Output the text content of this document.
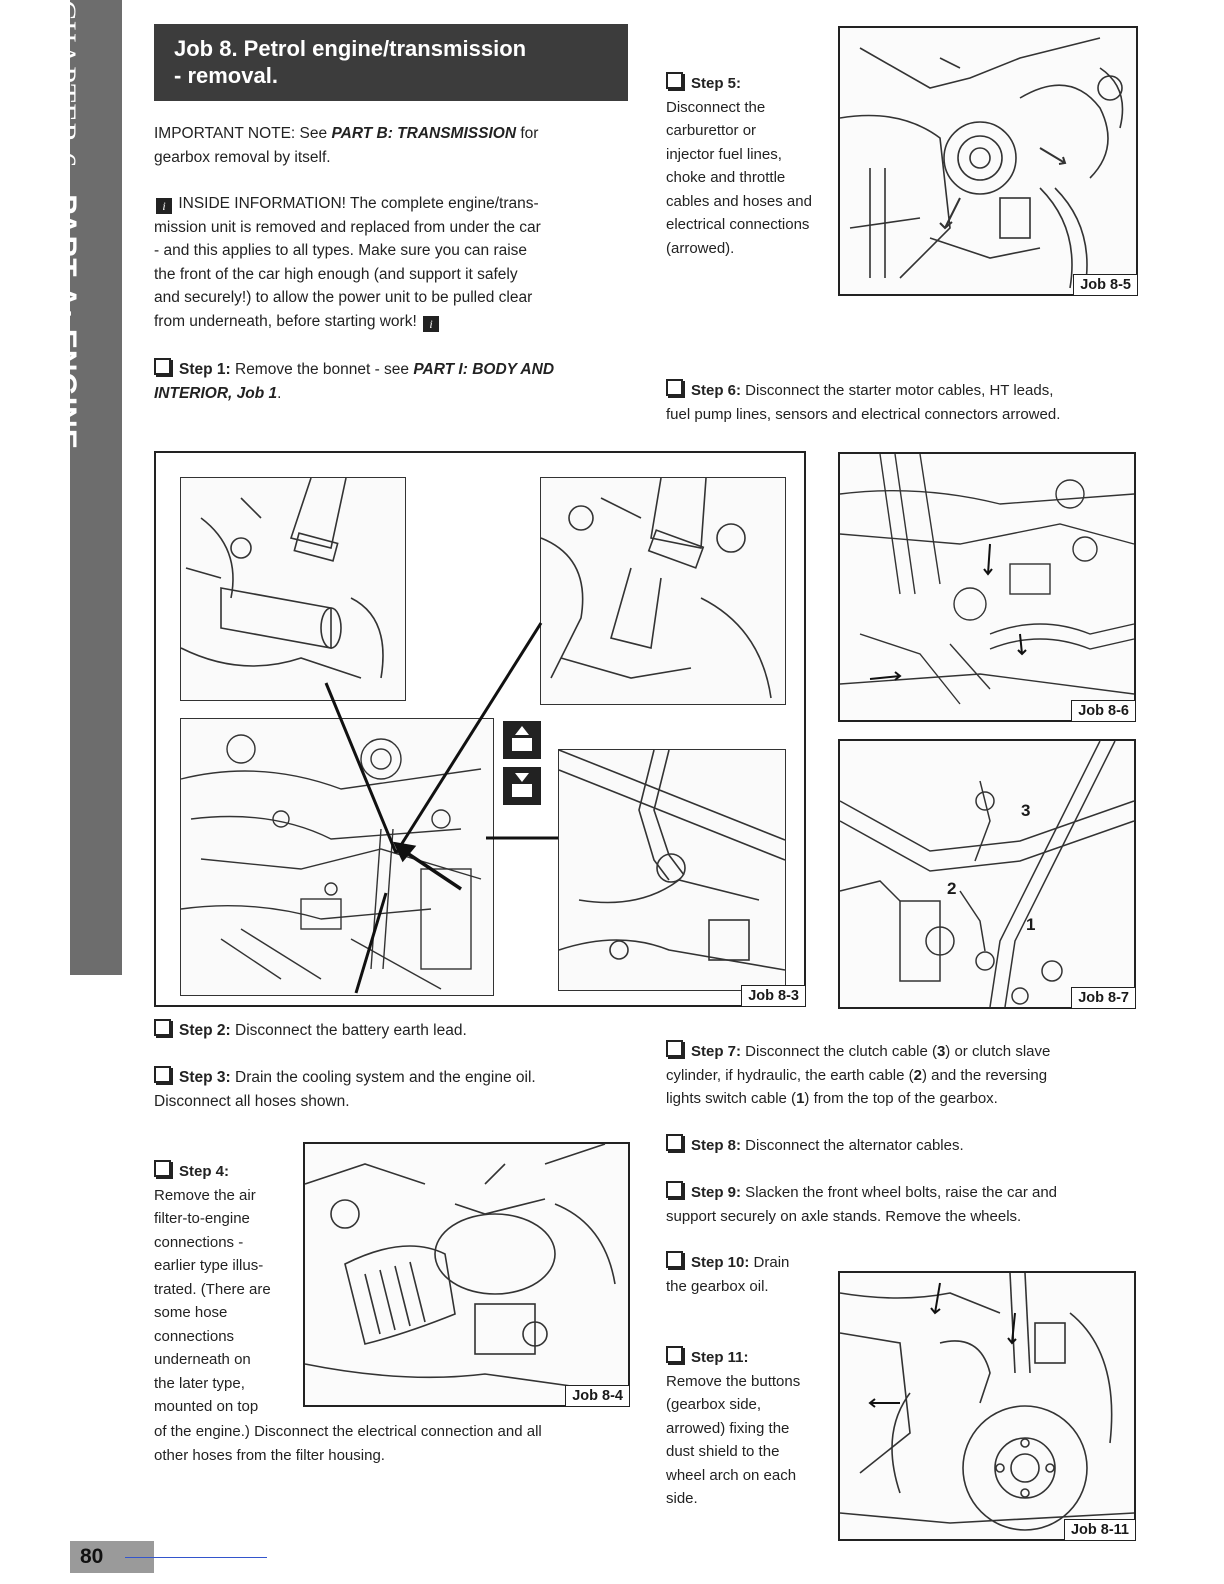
CHAPTER 6PART A: ENGINE
Job 8. Petrol engine/transmission
- removal.
IMPORTANT NOTE: See PART B: TRANSMISSION for
gearbox removal by itself.
i INSIDE INFORMATION! The complete engine/trans-
mission unit is removed and replaced from under the car
- and this applies to all types. Make sure you can raise
the front of the car high enough (and support it safely
and securely!) to allow the power unit to be pulled clear
from underneath, before starting work! i
Step 1: Remove the bonnet - see PART I: BODY AND
INTERIOR, Job 1.
Job 8-5
Step 5:
Disconnect the
carburettor or
injector fuel lines,
choke and throttle
cables and hoses and
electrical connections
(arrowed).
Step 6: Disconnect the starter motor cables, HT leads,
fuel pump lines, sensors and electrical connectors arrowed.
Job 8-3
Job 8-6
3
2
1
Job 8-7
Step 2: Disconnect the battery earth lead.
Step 3: Drain the cooling system and the engine oil.
Disconnect all hoses shown.
Job 8-4
Step 4:
Remove the air
filter-to-engine
connections -
earlier type illus-
trated. (There are
some hose
connections
underneath on
the later type,
mounted on top
of the engine.) Disconnect the electrical connection and all
other hoses from the filter housing.
Step 7: Disconnect the clutch cable (3) or clutch slave
cylinder, if hydraulic, the earth cable (2) and the reversing
lights switch cable (1) from the top of the gearbox.
Step 8: Disconnect the alternator cables.
Step 9: Slacken the front wheel bolts, raise the car and
support securely on axle stands. Remove the wheels.
Step 10: Drain
the gearbox oil.
Step 11:
Remove the buttons
(gearbox side,
arrowed) fixing the
dust shield to the
wheel arch on each
side.
Job 8-11
80
